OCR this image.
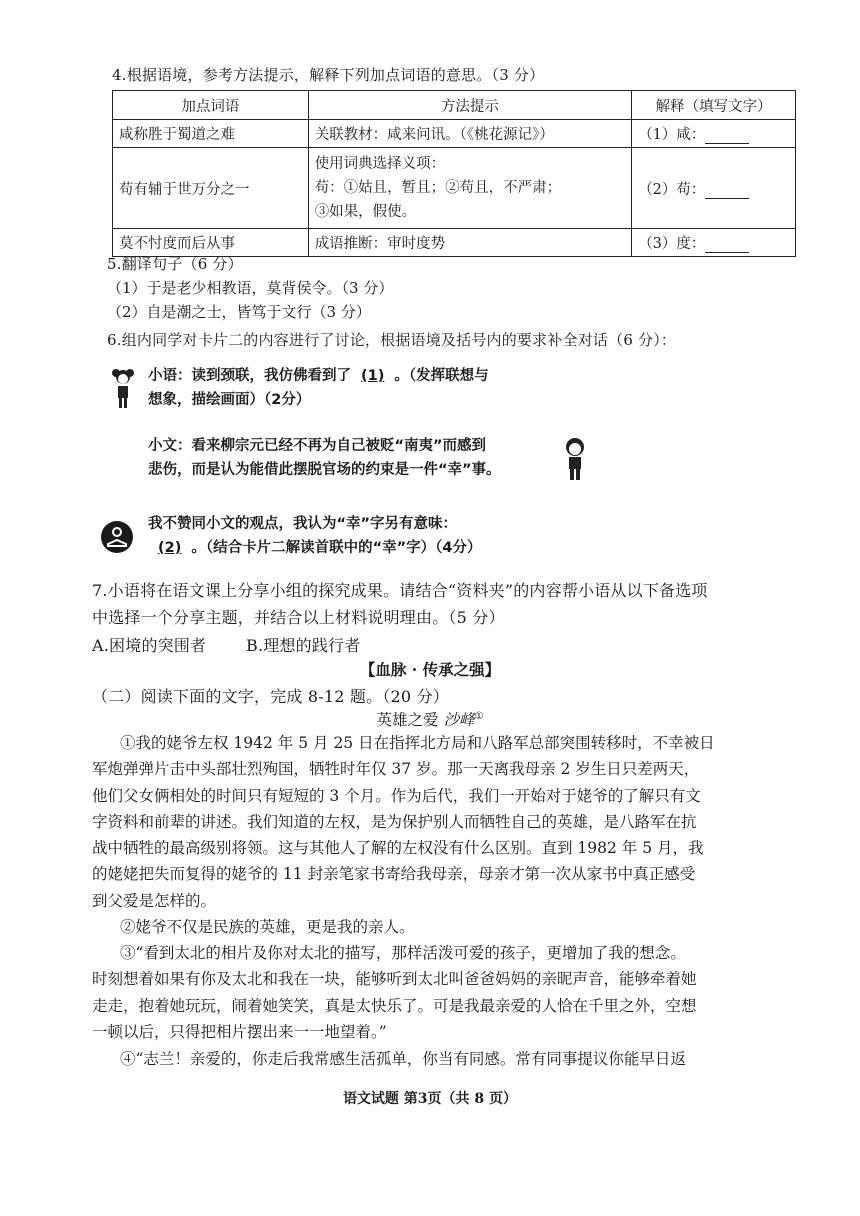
4.根据语境，参考方法提示，解释下列加点词语的意思。（3 分）
加点词语	方法提示	解释（填写文字）
咸称胜于蜀道之难	关联教材：咸来问讯。（《桃花源记》）	（1）咸：
苟有辅于世万分之一	使用词典选择义项：
苟：①姑且，暂且；②苟且，不严肃；
③如果，假使。	（2）苟：
莫不忖度而后从事	成语推断：审时度势	（3）度：
5.翻译句子（6 分）
（1）于是老少相教语，莫背侯令。（3 分）
（2）自是潮之士，皆笃于文行（3 分）
6.组内同学对卡片二的内容进行了讨论，根据语境及括号内的要求补全对话（6 分）：
小语：读到颈联，我仿佛看到了 (1) 。（发挥联想与
想象，描绘画面）（2分）
小文：看来柳宗元已经不再为自己被贬“南夷”而感到
悲伤，而是认为能借此摆脱官场的约束是一件“幸”事。
我不赞同小文的观点，我认为“幸”字另有意味：
(2) 。（结合卡片二解读首联中的“幸”字）（4分）
7.小语将在语文课上分享小组的探究成果。请结合“资料夹”的内容帮小语从以下备选项
中选择一个分享主题，并结合以上材料说明理由。（5 分）
A.困境的突围者 B.理想的践行者
【血脉 · 传承之强】
（二）阅读下面的文字，完成 8-12 题。（20 分）
英雄之爱 沙峰①
①我的姥爷左权 1942 年 5 月 25 日在指挥北方局和八路军总部突围转移时，不幸被日
军炮弹弹片击中头部壮烈殉国，牺牲时年仅 37 岁。那一天离我母亲 2 岁生日只差两天，
他们父女俩相处的时间只有短短的 3 个月。作为后代，我们一开始对于姥爷的了解只有文
字资料和前辈的讲述。我们知道的左权，是为保护别人而牺牲自己的英雄，是八路军在抗
战中牺牲的最高级别将领。这与其他人了解的左权没有什么区别。直到 1982 年 5 月，我
的姥姥把失而复得的姥爷的 11 封亲笔家书寄给我母亲，母亲才第一次从家书中真正感受
到父爱是怎样的。
②姥爷不仅是民族的英雄，更是我的亲人。
③“看到太北的相片及你对太北的描写，那样活泼可爱的孩子，更增加了我的想念。
时刻想着如果有你及太北和我在一块，能够听到太北叫爸爸妈妈的亲昵声音，能够牵着她
走走，抱着她玩玩，闹着她笑笑，真是太快乐了。可是我最亲爱的人恰在千里之外，空想
一顿以后，只得把相片摆出来一一地望着。”
④“志兰！亲爱的，你走后我常感生活孤单，你当有同感。常有同事提议你能早日返
语文试题 第3页（共 8 页）
